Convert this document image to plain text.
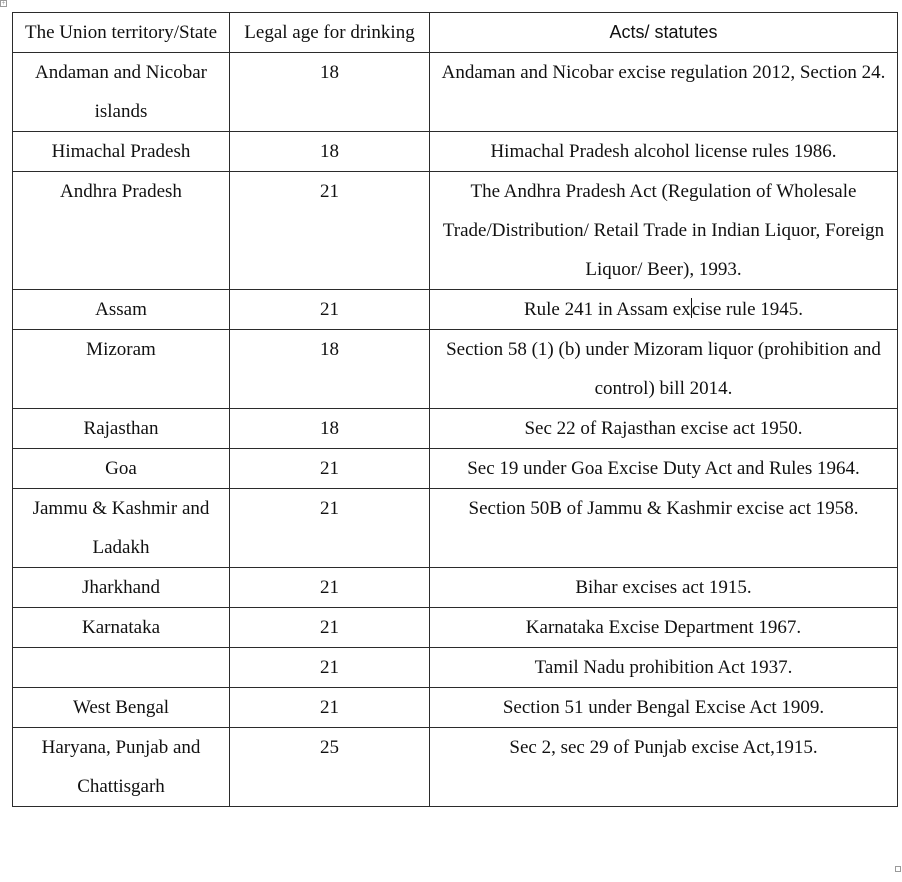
+
The Union territory/State	Legal age for drinking	Acts/ statutes
Andaman and Nicobar islands	18	Andaman and Nicobar excise regulation 2012, Section 24.
Himachal Pradesh	18	Himachal Pradesh alcohol license rules 1986.
Andhra Pradesh	21	The Andhra Pradesh Act (Regulation of Wholesale Trade/Distribution/ Retail Trade in Indian Liquor, Foreign Liquor/ Beer), 1993.
Assam	21	Rule 241 in Assam excise rule 1945.
Mizoram	18	Section 58 (1) (b) under Mizoram liquor (prohibition and control) bill 2014.
Rajasthan	18	Sec 22 of Rajasthan excise act 1950.
Goa	21	Sec 19 under Goa Excise Duty Act and Rules 1964.
Jammu & Kashmir and Ladakh	21	Section 50B of Jammu & Kashmir excise act 1958.
Jharkhand	21	Bihar excises act 1915.
Karnataka	21	Karnataka Excise Department 1967.
	21	Tamil Nadu prohibition Act 1937.
West Bengal	21	Section 51 under Bengal Excise Act 1909.
Haryana, Punjab and Chattisgarh	25	Sec 2, sec 29 of Punjab excise Act,1915.
